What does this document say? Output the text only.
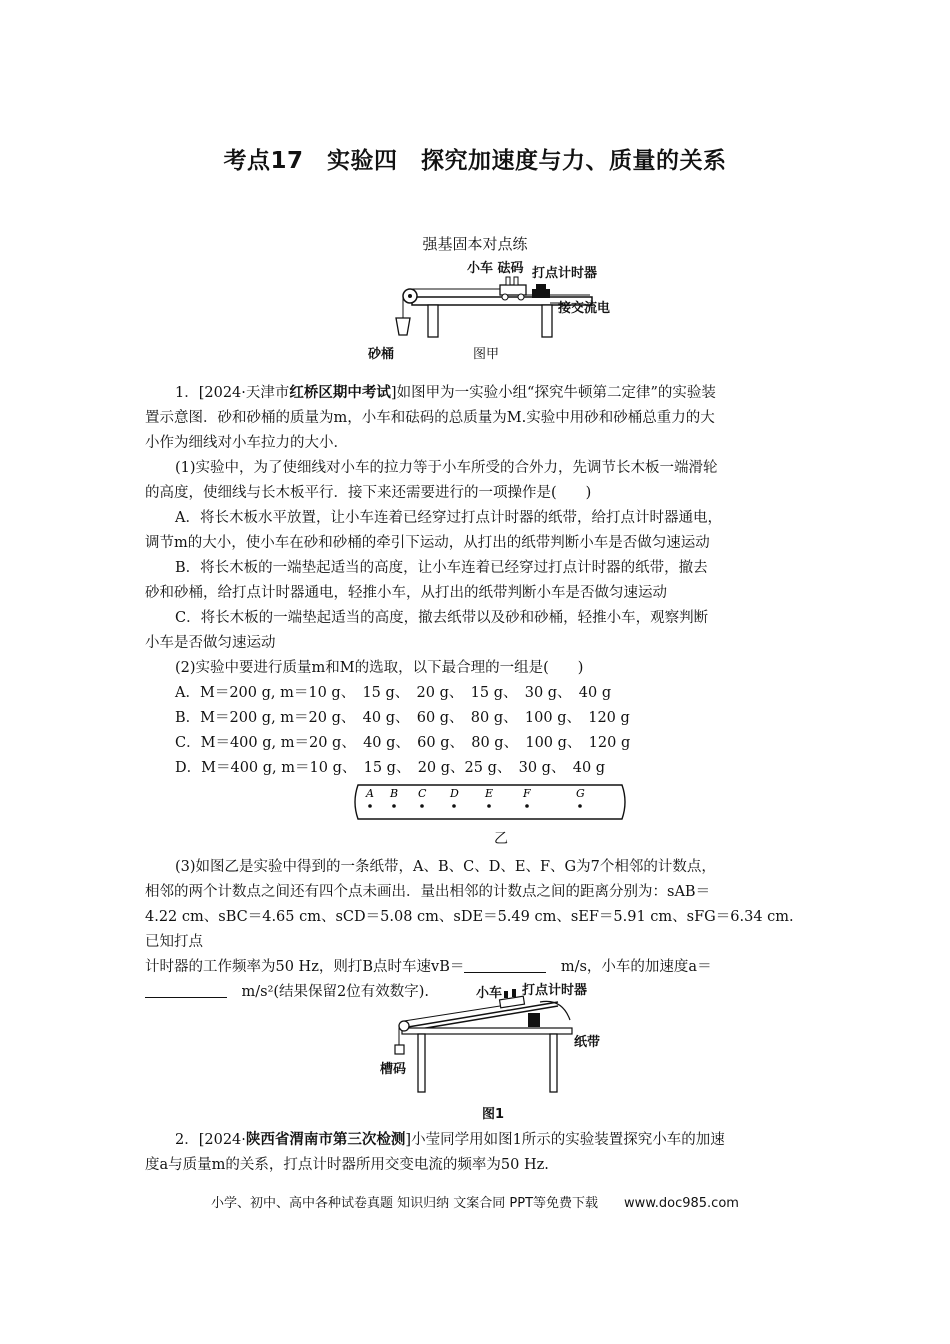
考点17　实验四　探究加速度与力、质量的关系
强基固本对点练
小车 砝码 打点计时器
接交流电
砂桶	图甲
1．[2024·天津市红桥区期中考试]如图甲为一实验小组“探究牛顿第二定律”的实验装
置示意图．砂和砂桶的质量为m，小车和砝码的总质量为M.实验中用砂和砂桶总重力的大
小作为细线对小车拉力的大小．
(1)实验中，为了使细线对小车的拉力等于小车所受的合外力，先调节长木板一端滑轮
的高度，使细线与长木板平行．接下来还需要进行的一项操作是(　　)
A．将长木板水平放置，让小车连着已经穿过打点计时器的纸带，给打点计时器通电，
调节m的大小，使小车在砂和砂桶的牵引下运动，从打出的纸带判断小车是否做匀速运动
B．将长木板的一端垫起适当的高度，让小车连着已经穿过打点计时器的纸带，撤去
砂和砂桶，给打点计时器通电，轻推小车，从打出的纸带判断小车是否做匀速运动
C．将长木板的一端垫起适当的高度，撤去纸带以及砂和砂桶，轻推小车，观察判断
小车是否做匀速运动
(2)实验中要进行质量m和M的选取，以下最合理的一组是(　　)
A．M＝200 g, m＝10 g、　15 g、　20 g、　15 g、　30 g、　40 g
B．M＝200 g, m＝20 g、　40 g、　60 g、　80 g、　100 g、　120 g
C．M＝400 g, m＝20 g、　40 g、　60 g、　80 g、　100 g、　120 g
D．M＝400 g, m＝10 g、　15 g、　20 g、25 g、　30 g、　40 g
A B C D E	F	G
乙
(3)如图乙是实验中得到的一条纸带，A、B、C、D、E、F、G为7个相邻的计数点，
相邻的两个计数点之间还有四个点未画出．量出相邻的计数点之间的距离分别为：sAB＝
4.22 cm、sBC＝4.65 cm、sCD＝5.08 cm、sDE＝5.49 cm、sEF＝5.91 cm、sFG＝6.34 cm.已知打点
计时器的工作频率为50 Hz，则打B点时车速vB＝　	m/s，小车的加速度a＝
　m/s²(结果保留2位有效数字).	小车 打点计时器
纸带
槽码
图1
2．[2024·陕西省渭南市第三次检测]小莹同学用如图1所示的实验装置探究小车的加速
度a与质量m的关系，打点计时器所用交变电流的频率为50 Hz.
小学、初中、高中各种试卷真题 知识归纳 文案合同 PPT等免费下载　　www.doc985.com
